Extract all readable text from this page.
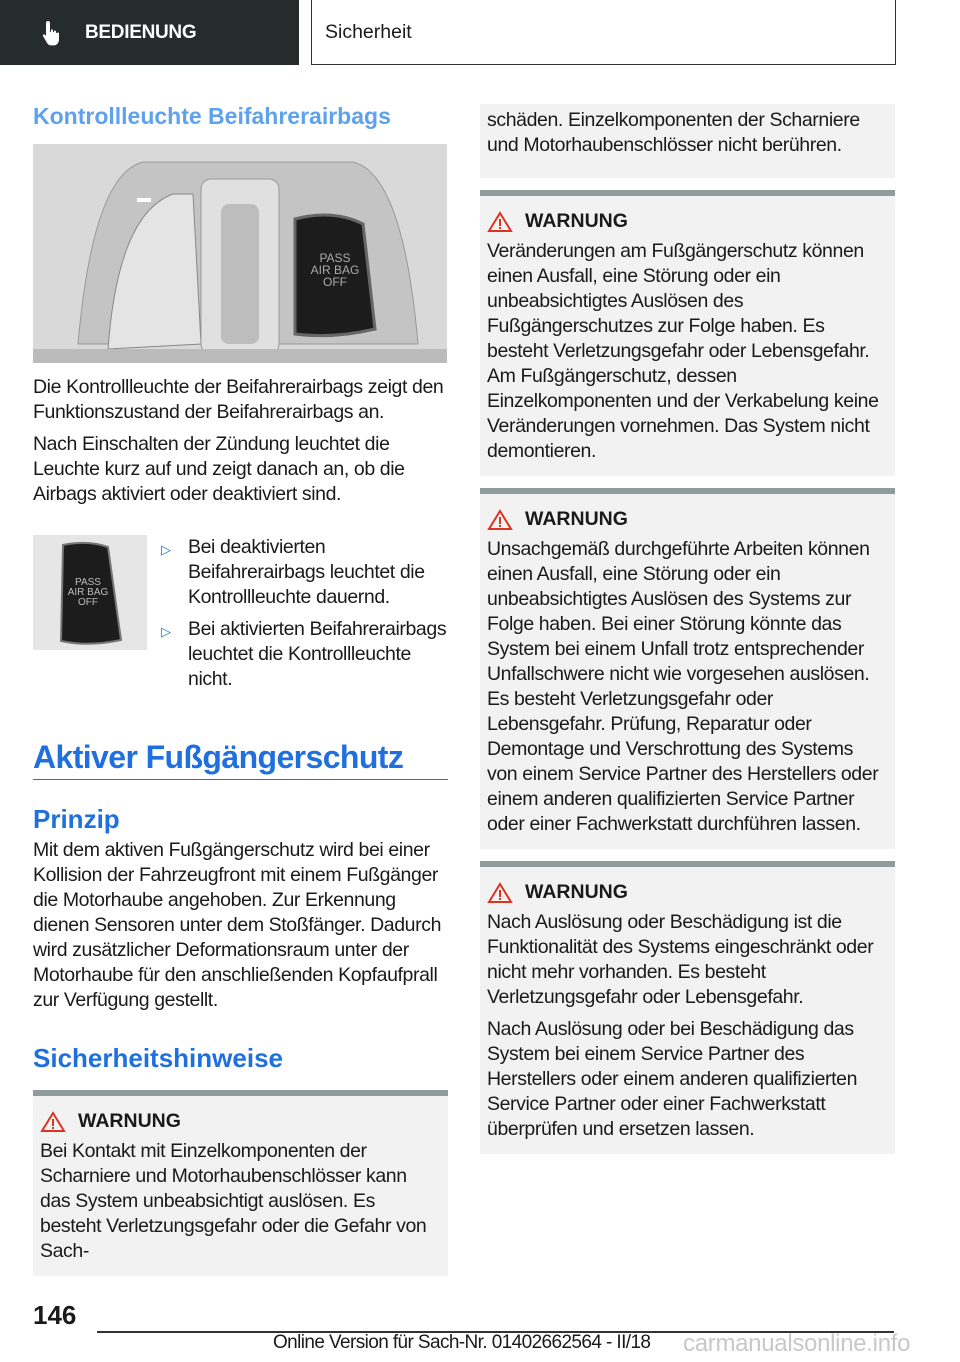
BEDIENUNG	Sicherheit
Kontrollleuchte Beifahrerairbags
PASS
AIR BAG
OFF

Die Kontrollleuchte der Beifahrerairbags zeigt den Funktionszustand der Beifahrerairbags an.

Nach Einschalten der Zündung leuchtet die Leuchte kurz auf und zeigt danach an, ob die Airbags aktiviert oder deaktiviert sind.

PASS
AIR BAG
OFF
▷ Bei deaktivierten Beifahrerairbags leuchtet die Kontrollleuchte dauernd.
▷ Bei aktivierten Beifahrerairbags leuchtet die Kontrollleuchte nicht.
Aktiver Fußgängerschutz
Prinzip

Mit dem aktiven Fußgängerschutz wird bei einer Kollision der Fahrzeugfront mit einem Fußgänger die Motorhaube angehoben. Zur Erkennung dienen Sensoren unter dem Stoßfänger. Dadurch wird zusätzlicher Deformationsraum unter der Motorhaube für den anschließenden Kopfaufprall zur Verfügung gestellt.

Sicherheitshinweise
WARNUNG

Bei Kontakt mit Einzelkomponenten der Scharniere und Motorhaubenschlösser kann das System unbeabsichtigt auslösen. Es besteht Verletzungsgefahr oder die Gefahr von Sach-

schäden. Einzelkomponenten der Scharniere und Motorhaubenschlösser nicht berühren.

WARNUNG

Veränderungen am Fußgängerschutz können einen Ausfall, eine Störung oder ein unbeabsichtigtes Auslösen des Fußgängerschutzes zur Folge haben. Es besteht Verletzungsgefahr oder Lebensgefahr. Am Fußgängerschutz, dessen Einzelkomponenten und der Verkabelung keine Veränderungen vornehmen. Das System nicht demontieren.

WARNUNG

Unsachgemäß durchgeführte Arbeiten können einen Ausfall, eine Störung oder ein unbeabsichtigtes Auslösen des Systems zur Folge haben. Bei einer Störung könnte das System bei einem Unfall trotz entsprechender Unfallschwere nicht wie vorgesehen auslösen. Es besteht Verletzungsgefahr oder Lebensgefahr. Prüfung, Reparatur oder Demontage und Verschrottung des Systems von einem Service Partner des Herstellers oder einem anderen qualifizierten Service Partner oder einer Fachwerkstatt durchführen lassen.

WARNUNG

Nach Auslösung oder Beschädigung ist die Funktionalität des Systems eingeschränkt oder nicht mehr vorhanden. Es besteht Verletzungsgefahr oder Lebensgefahr.

Nach Auslösung oder bei Beschädigung das System bei einem Service Partner des Herstellers oder einem anderen qualifizierten Service Partner oder einer Fachwerkstatt überprüfen und ersetzen lassen.

146
Online Version für Sach-Nr. 01402662564 - II/18 carmanualsonline.info
